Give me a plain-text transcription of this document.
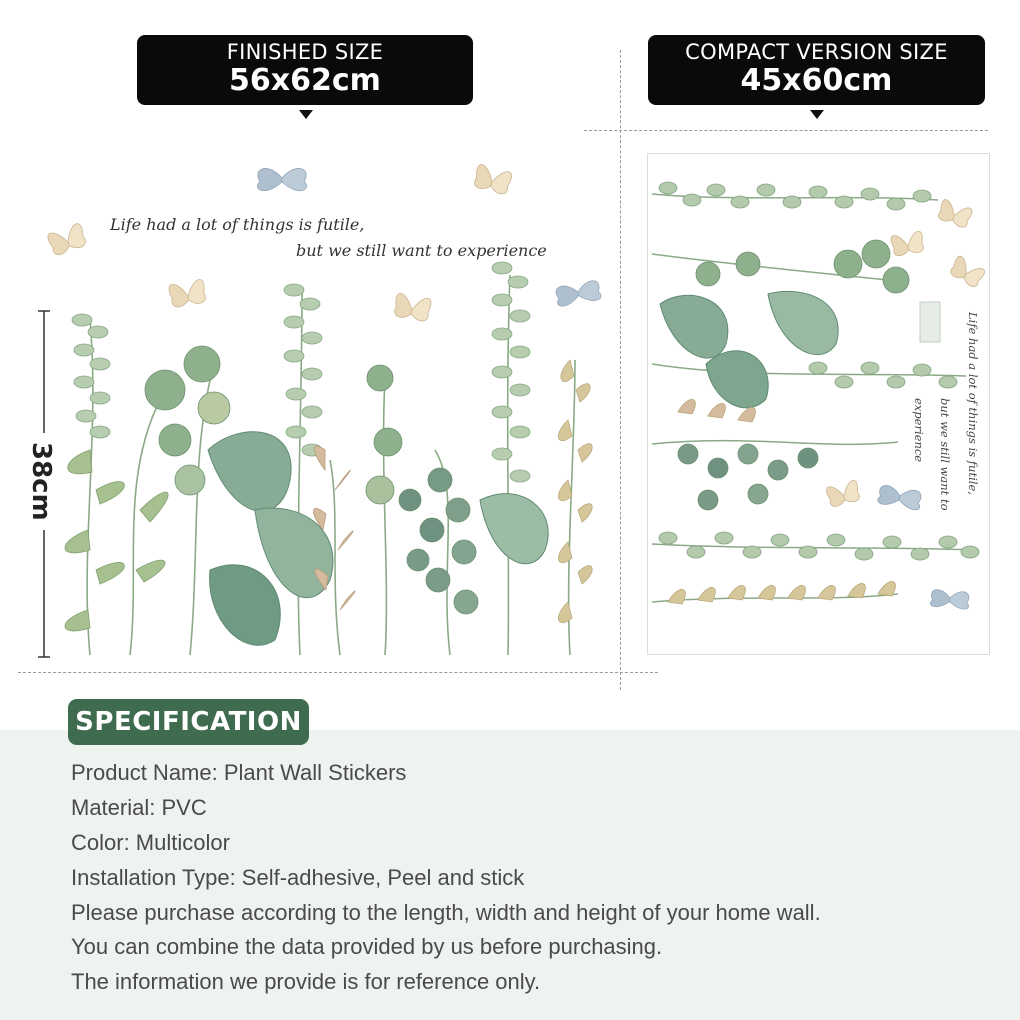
FINISHED SIZE
56x62cm
COMPACT VERSION SIZE
45x60cm
38cm
Life had a lot of things is futile,
but we still want to experience
Life had a lot of things is futile,
but we still want to
experience
SPECIFICATION
Product Name: Plant Wall Stickers
Material: PVC
Color: Multicolor
Installation Type: Self-adhesive, Peel and stick
Please purchase according to the length, width and height of your home wall.
You can combine the data provided by us before purchasing.
The information we provide is for reference only.
